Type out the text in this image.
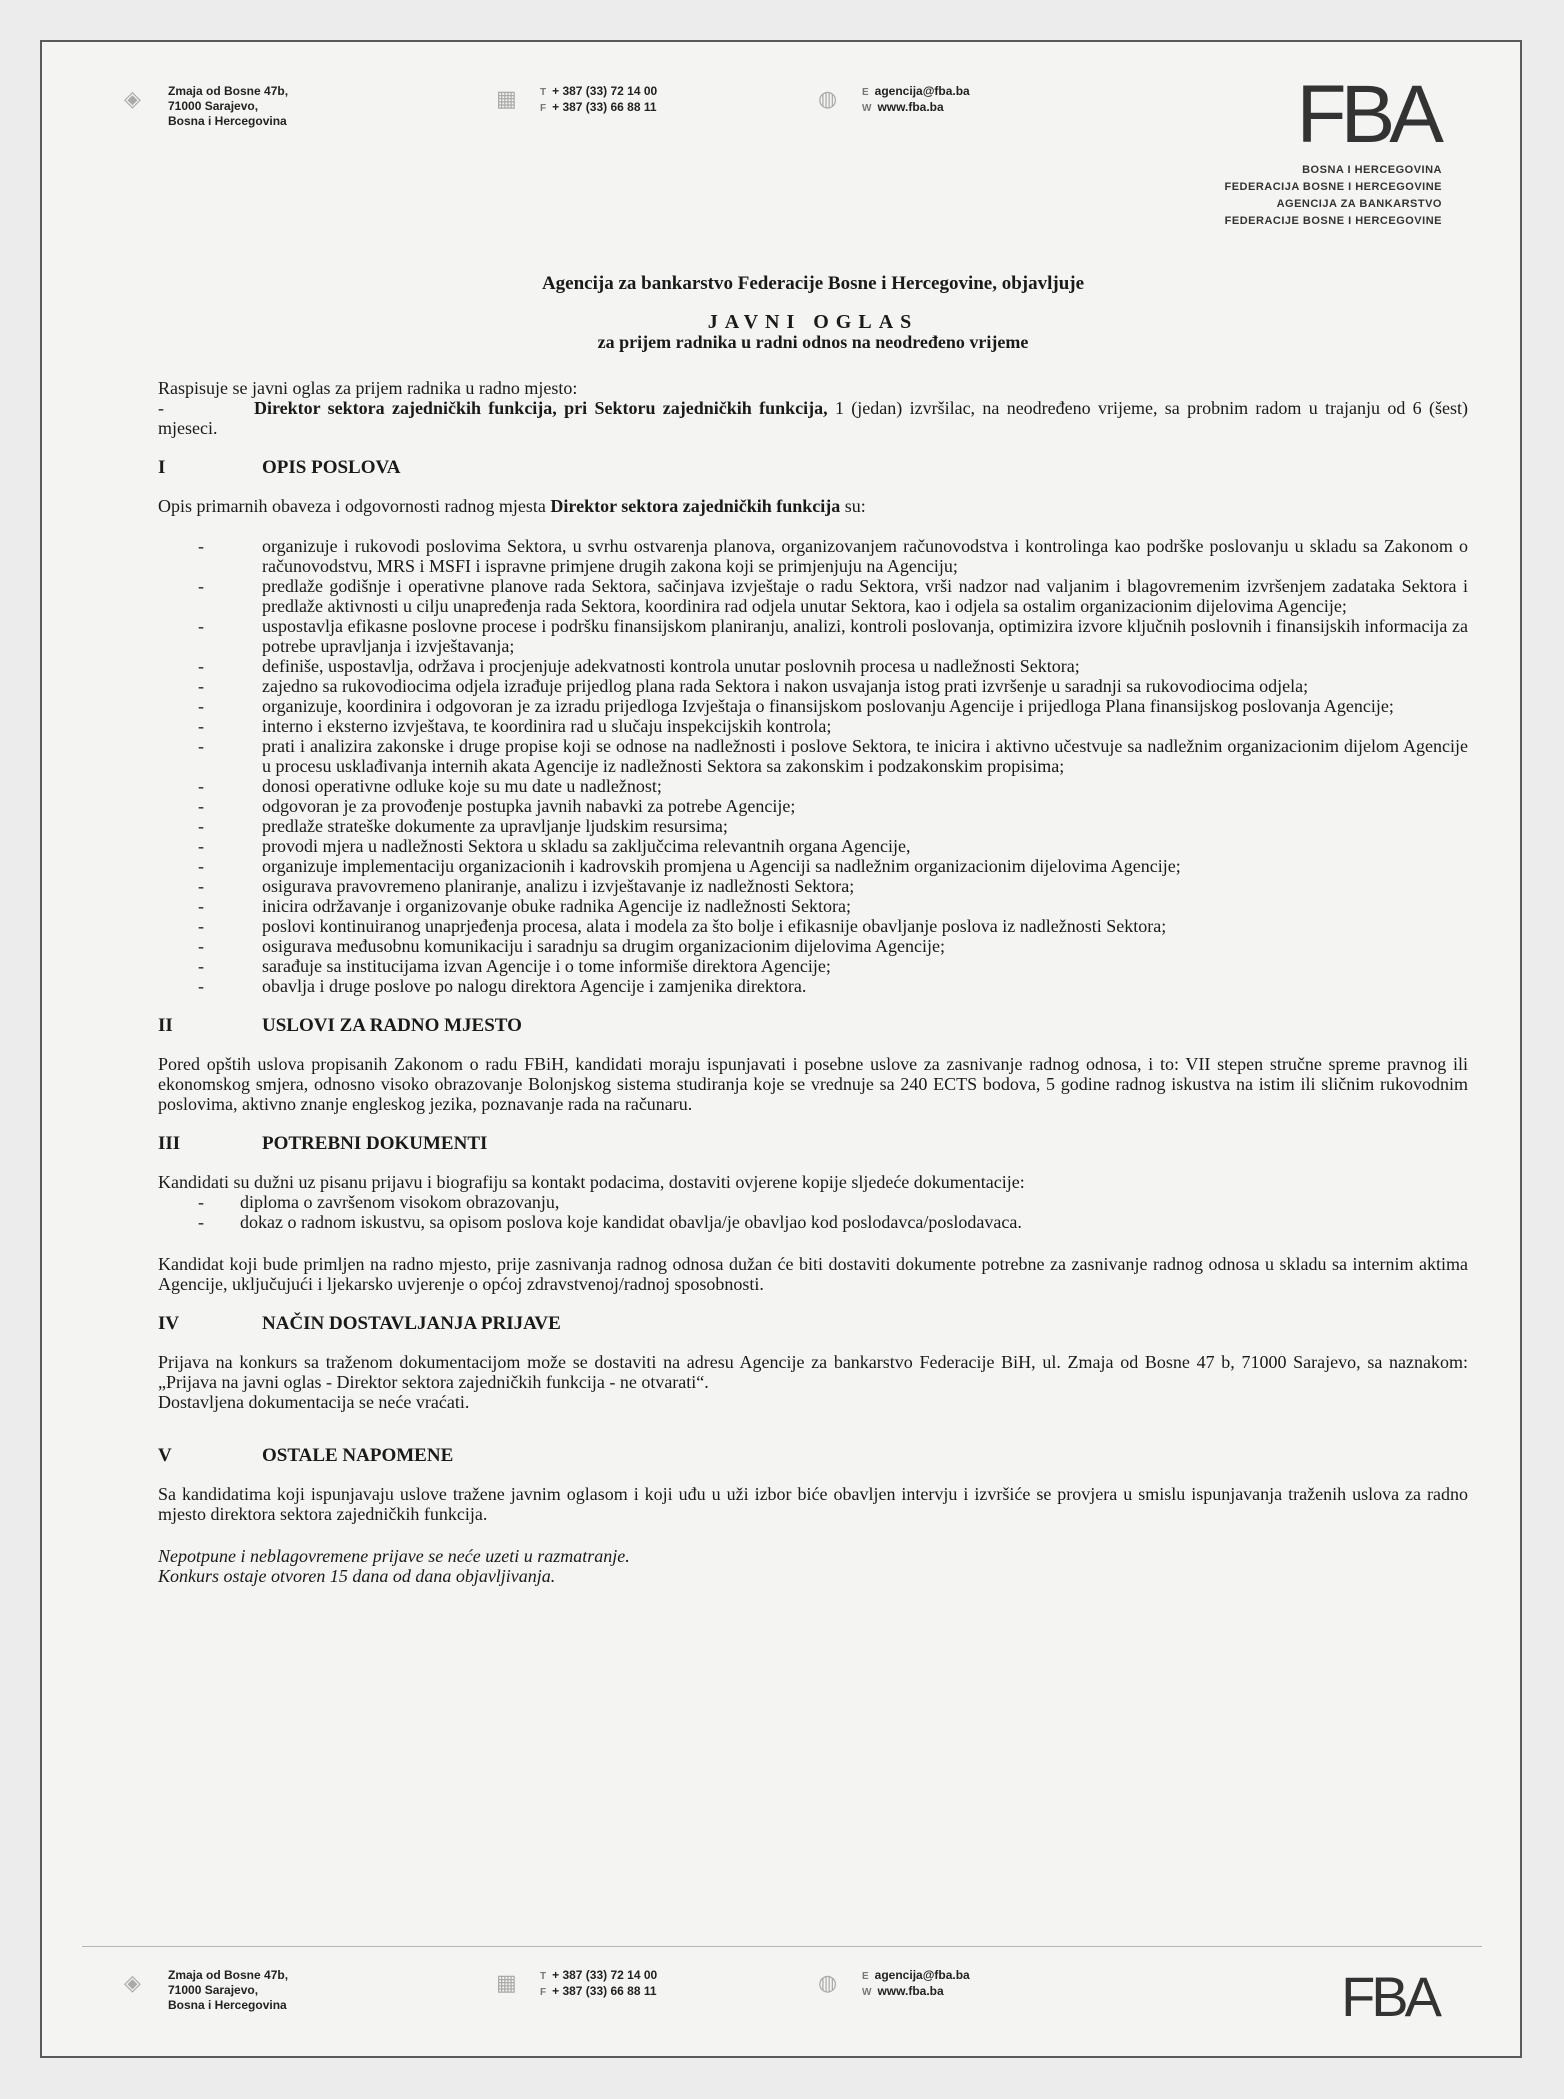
◈	Zmaja od Bosne 47b,
71000 Sarajevo,
Bosna i Hercegovina
▦	T + 387 (33) 72 14 00
F + 387 (33) 66 88 11	◍	E agencija@fba.ba
W www.fba.ba	FBA
BOSNA I HERCEGOVINA
FEDERACIJA BOSNE I HERCEGOVINE
AGENCIJA ZA BANKARSTVO
FEDERACIJE BOSNE I HERCEGOVINE
Agencija za bankarstvo Federacije Bosne i Hercegovine, objavljuje
JAVNI OGLAS
za prijem radnika u radni odnos na neodređeno vrijeme

Raspisuje se javni oglas za prijem radnika u radno mjesto:

-	Direktor sektora zajedničkih funkcija, pri Sektoru zajedničkih funkcija, 1 (jedan) izvršilac, na neodređeno vrijeme, sa probnim radom u trajanju od 6 (šest) mjeseci.

I	OPIS POSLOVA

Opis primarnih obaveza i odgovornosti radnog mjesta Direktor sektora zajedničkih funkcija su:

- organizuje i rukovodi poslovima Sektora, u svrhu ostvarenja planova, organizovanjem računovodstva i kontrolinga kao podrške poslovanju u skladu sa Zakonom o računovodstvu, MRS i MSFI i ispravne primjene drugih zakona koji se primjenjuju na Agenciju;
- predlaže godišnje i operativne planove rada Sektora, sačinjava izvještaje o radu Sektora, vrši nadzor nad valjanim i blagovremenim izvršenjem zadataka Sektora i predlaže aktivnosti u cilju unapređenja rada Sektora, koordinira rad odjela unutar Sektora, kao i odjela sa ostalim organizacionim dijelovima Agencije;
- uspostavlja efikasne poslovne procese i podršku finansijskom planiranju, analizi, kontroli poslovanja, optimizira izvore ključnih poslovnih i finansijskih informacija za potrebe upravljanja i izvještavanja;
- definiše, uspostavlja, održava i procjenjuje adekvatnosti kontrola unutar poslovnih procesa u nadležnosti Sektora;
- zajedno sa rukovodiocima odjela izrađuje prijedlog plana rada Sektora i nakon usvajanja istog prati izvršenje u saradnji sa rukovodiocima odjela;
- organizuje, koordinira i odgovoran je za izradu prijedloga Izvještaja o finansijskom poslovanju Agencije i prijedloga Plana finansijskog poslovanja Agencije;
- interno i eksterno izvještava, te koordinira rad u slučaju inspekcijskih kontrola;
- prati i analizira zakonske i druge propise koji se odnose na nadležnosti i poslove Sektora, te inicira i aktivno učestvuje sa nadležnim organizacionim dijelom Agencije u procesu usklađivanja internih akata Agencije iz nadležnosti Sektora sa zakonskim i podzakonskim propisima;
- donosi operativne odluke koje su mu date u nadležnost;
- odgovoran je za provođenje postupka javnih nabavki za potrebe Agencije;
- predlaže strateške dokumente za upravljanje ljudskim resursima;
- provodi mjera u nadležnosti Sektora u skladu sa zaključcima relevantnih organa Agencije,
- organizuje implementaciju organizacionih i kadrovskih promjena u Agenciji sa nadležnim organizacionim dijelovima Agencije;
- osigurava pravovremeno planiranje, analizu i izvještavanje iz nadležnosti Sektora;
- inicira održavanje i organizovanje obuke radnika Agencije iz nadležnosti Sektora;
- poslovi kontinuiranog unaprjeđenja procesa, alata i modela za što bolje i efikasnije obavljanje poslova iz nadležnosti Sektora;
- osigurava međusobnu komunikaciju i saradnju sa drugim organizacionim dijelovima Agencije;
- sarađuje sa institucijama izvan Agencije i o tome informiše direktora Agencije;
- obavlja i druge poslove po nalogu direktora Agencije i zamjenika direktora.
II	USLOVI ZA RADNO MJESTO

Pored opštih uslova propisanih Zakonom o radu FBiH, kandidati moraju ispunjavati i posebne uslove za zasnivanje radnog odnosa, i to: VII stepen stručne spreme pravnog ili ekonomskog smjera, odnosno visoko obrazovanje Bolonjskog sistema studiranja koje se vrednuje sa 240 ECTS bodova, 5 godine radnog iskustva na istim ili sličnim rukovodnim poslovima, aktivno znanje engleskog jezika, poznavanje rada na računaru.

III	POTREBNI DOKUMENTI

Kandidati su dužni uz pisanu prijavu i biografiju sa kontakt podacima, dostaviti ovjerene kopije sljedeće dokumentacije:

- diploma o završenom visokom obrazovanju,
- dokaz o radnom iskustvu, sa opisom poslova koje kandidat obavlja/je obavljao kod poslodavca/poslodavaca.

Kandidat koji bude primljen na radno mjesto, prije zasnivanja radnog odnosa dužan će biti dostaviti dokumente potrebne za zasnivanje radnog odnosa u skladu sa internim aktima Agencije, uključujući i ljekarsko uvjerenje o općoj zdravstvenoj/radnoj sposobnosti.

IV	NAČIN DOSTAVLJANJA PRIJAVE

Prijava na konkurs sa traženom dokumentacijom može se dostaviti na adresu Agencije za bankarstvo Federacije BiH, ul. Zmaja od Bosne 47 b, 71000 Sarajevo, sa naznakom: „Prijava na javni oglas - Direktor sektora zajedničkih funkcija - ne otvarati“.

Dostavljena dokumentacija se neće vraćati.

V	OSTALE NAPOMENE

Sa kandidatima koji ispunjavaju uslove tražene javnim oglasom i koji uđu u uži izbor biće obavljen intervju i izvršiće se provjera u smislu ispunjavanja traženih uslova za radno mjesto direktora sektora zajedničkih funkcija.

Nepotpune i neblagovremene prijave se neće uzeti u razmatranje.

Konkurs ostaje otvoren 15 dana od dana objavljivanja.

◈	Zmaja od Bosne 47b,
71000 Sarajevo,
Bosna i Hercegovina
▦	T + 387 (33) 72 14 00
F + 387 (33) 66 88 11	◍	E agencija@fba.ba
W www.fba.ba	FBA
